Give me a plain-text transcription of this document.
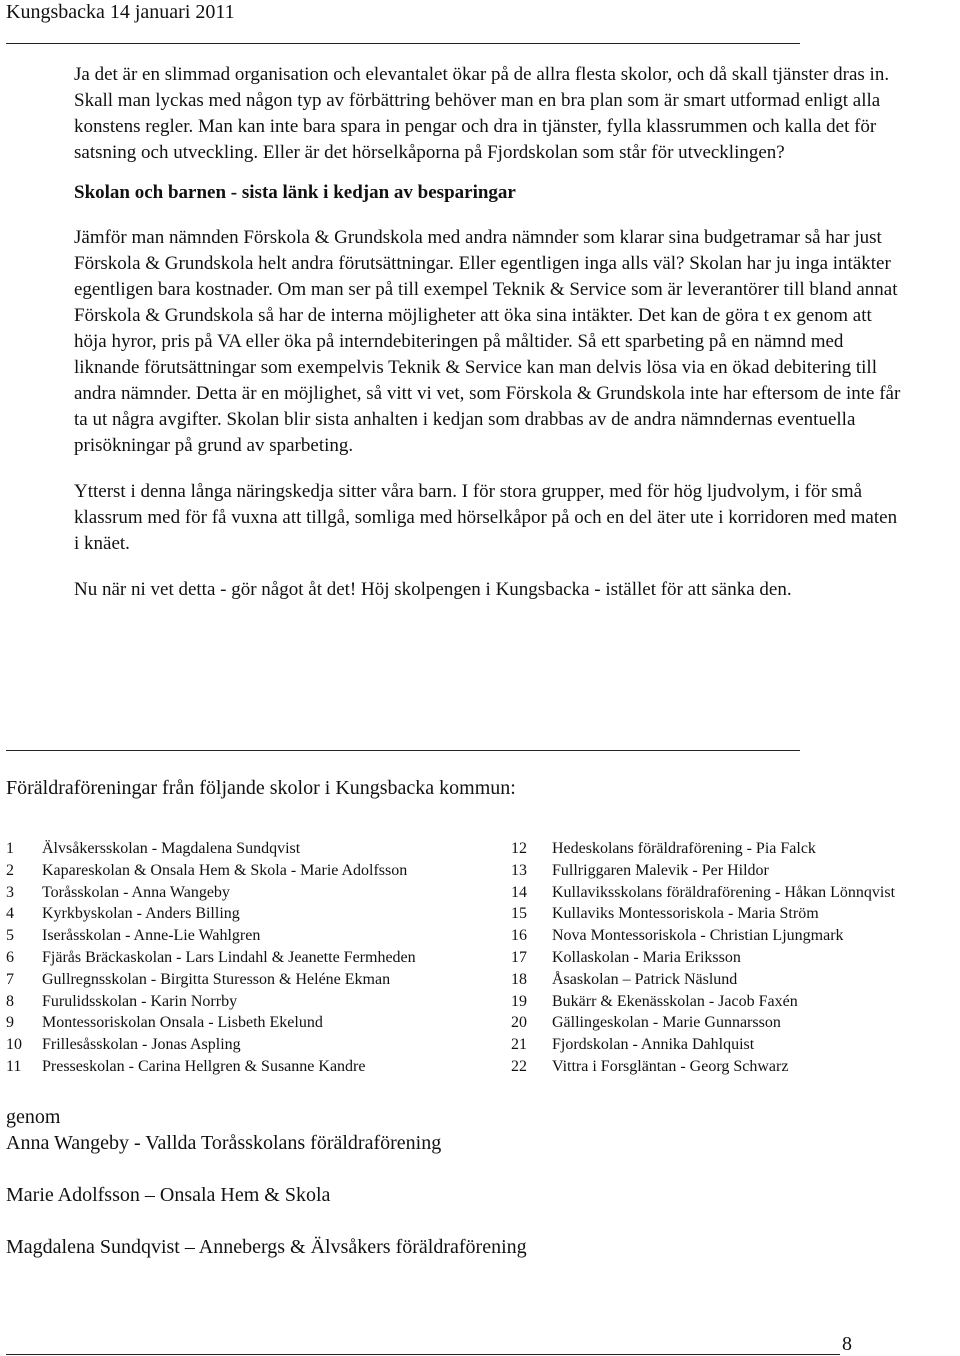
Kungsbacka 14 januari 2011

Ja det är en slimmad organisation och elevantalet ökar på de allra flesta skolor, och då skall tjänster dras in. Skall man lyckas med någon typ av förbättring behöver man en bra plan som är smart utformad enligt alla konstens regler. Man kan inte bara spara in pengar och dra in tjänster, fylla klassrummen och kalla det för satsning och utveckling. Eller är det hörselkåporna på Fjordskolan som står för utvecklingen?

Skolan och barnen - sista länk i kedjan av besparingar

Jämför man nämnden Förskola & Grundskola med andra nämnder som klarar sina budgetramar så har just Förskola & Grundskola helt andra förutsättningar. Eller egentligen inga alls väl? Skolan har ju inga intäkter egentligen bara kostnader. Om man ser på till exempel Teknik & Service som är leverantörer till bland annat Förskola & Grundskola så har de interna möjligheter att öka sina intäkter. Det kan de göra t ex genom att höja hyror, pris på VA eller öka på interndebiteringen på måltider. Så ett sparbeting på en nämnd med liknande förutsättningar som exempelvis Teknik & Service kan man delvis lösa via en ökad debitering till andra nämnder. Detta är en möjlighet, så vitt vi vet, som Förskola & Grundskola inte har eftersom de inte får ta ut några avgifter. Skolan blir sista anhalten i kedjan som drabbas av de andra nämndernas eventuella prisökningar på grund av sparbeting.

Ytterst i denna långa näringskedja sitter våra barn. I för stora grupper, med för hög ljudvolym, i för små klassrum med för få vuxna att tillgå, somliga med hörselkåpor på och en del äter ute i korridoren med maten i knäet.

Nu när ni vet detta - gör något åt det! Höj skolpengen i Kungsbacka - istället för att sänka den.

Föräldraföreningar från följande skolor i Kungsbacka kommun:
1 Älvsåkersskolan - Magdalena Sundqvist
2 Kapareskolan & Onsala Hem & Skola - Marie Adolfsson
3 Toråsskolan - Anna Wangeby
4 Kyrkbyskolan - Anders Billing
5 Iseråsskolan - Anne-Lie Wahlgren
6 Fjärås Bräckaskolan - Lars Lindahl & Jeanette Fermheden
7 Gullregnsskolan - Birgitta Sturesson & Heléne Ekman
8 Furulidsskolan - Karin Norrby
9 Montessoriskolan Onsala - Lisbeth Ekelund
10 Frillesåsskolan - Jonas Aspling
11 Presseskolan - Carina Hellgren & Susanne Kandre
12 Hedeskolans föräldraförening - Pia Falck
13 Fullriggaren Malevik - Per Hildor
14 Kullaviksskolans föräldraförening - Håkan Lönnqvist
15 Kullaviks Montessoriskola - Maria Ström
16 Nova Montessoriskola - Christian Ljungmark
17 Kollaskolan - Maria Eriksson
18 Åsaskolan – Patrick Näslund
19 Bukärr & Ekenässkolan - Jacob Faxén
20 Gällingeskolan - Marie Gunnarsson
21 Fjordskolan - Annika Dahlquist
22 Vittra i Forsgläntan - Georg Schwarz

genom

Anna Wangeby - Vallda Toråsskolans föräldraförening

Marie Adolfsson – Onsala Hem & Skola

Magdalena Sundqvist – Annebergs & Älvsåkers föräldraförening

8
